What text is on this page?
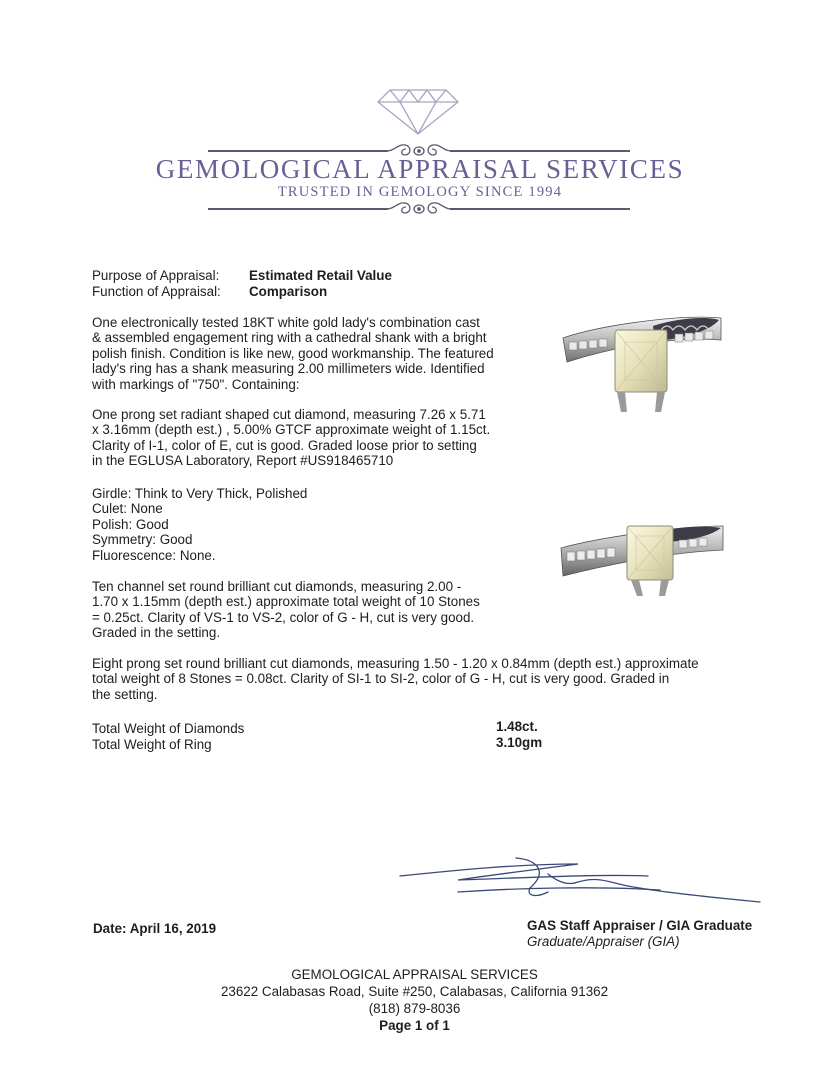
GEMOLOGICAL APPRAISAL SERVICES
TRUSTED IN GEMOLOGY SINCE 1994
Purpose of Appraisal: Estimated Retail Value
Function of Appraisal: Comparison

One electronically tested 18KT white gold lady's combination cast
& assembled engagement ring with a cathedral shank with a bright
polish finish. Condition is like new, good workmanship. The featured
lady's ring has a shank measuring 2.00 millimeters wide. Identified
with markings of "750". Containing:

One prong set radiant shaped cut diamond, measuring 7.26 x 5.71
x 3.16mm (depth est.) , 5.00% GTCF approximate weight of 1.15ct.
Clarity of I-1, color of E, cut is good. Graded loose prior to setting
in the EGLUSA Laboratory, Report #US918465710

Girdle: Think to Very Thick, Polished
Culet: None
Polish: Good
Symmetry: Good
Fluorescence: None.

Ten channel set round brilliant cut diamonds, measuring 2.00 -
1.70 x 1.15mm (depth est.) approximate total weight of 10 Stones
= 0.25ct. Clarity of VS-1 to VS-2, color of G - H, cut is very good.
Graded in the setting.

Eight prong set round brilliant cut diamonds, measuring 1.50 - 1.20 x 0.84mm (depth est.) approximate
total weight of 8 Stones = 0.08ct. Clarity of SI-1 to SI-2, color of G - H, cut is very good. Graded in
the setting.

Total Weight of Diamonds	1.48ct.
Total Weight of Ring	3.10gm
Date: April 16, 2019	GAS Staff Appraiser / GIA Graduate
Graduate/Appraiser (GIA)
GEMOLOGICAL APPRAISAL SERVICES
23622 Calabasas Road, Suite #250, Calabasas, California 91362
(818) 879-8036
Page 1 of 1
